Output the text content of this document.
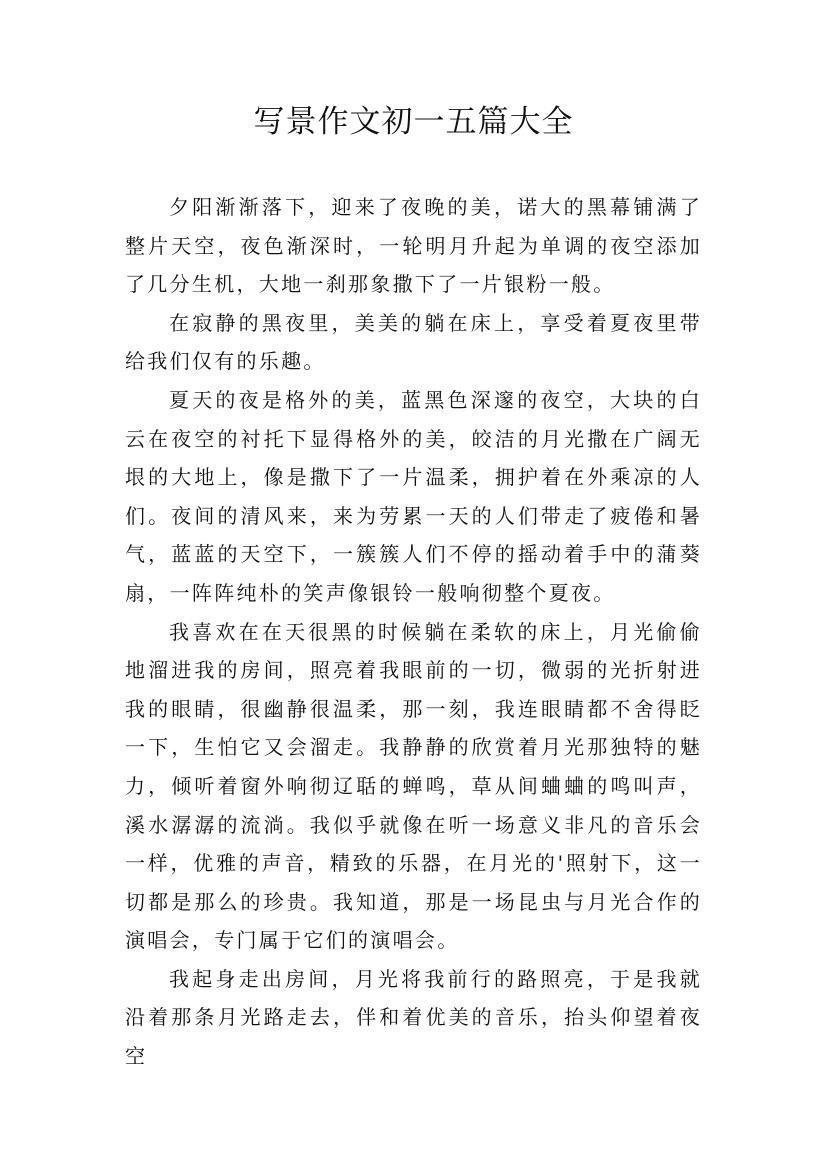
写景作文初一五篇大全

夕阳渐渐落下，迎来了夜晚的美，诺大的黑幕铺满了整片天空，夜色渐深时，一轮明月升起为单调的夜空添加了几分生机，大地一刹那象撒下了一片银粉一般。

在寂静的黑夜里，美美的躺在床上，享受着夏夜里带给我们仅有的乐趣。

夏天的夜是格外的美，蓝黑色深邃的夜空，大块的白云在夜空的衬托下显得格外的美，皎洁的月光撒在广阔无垠的大地上，像是撒下了一片温柔，拥护着在外乘凉的人们。夜间的清风来，来为劳累一天的人们带走了疲倦和暑气，蓝蓝的天空下，一簇簇人们不停的摇动着手中的蒲葵扇，一阵阵纯朴的笑声像银铃一般响彻整个夏夜。

我喜欢在在天很黑的时候躺在柔软的床上，月光偷偷地溜进我的房间，照亮着我眼前的一切，微弱的光折射进我的眼睛，很幽静很温柔，那一刻，我连眼睛都不舍得眨一下，生怕它又会溜走。我静静的欣赏着月光那独特的魅力，倾听着窗外响彻辽聒的蝉鸣，草从间蛐蛐的鸣叫声，溪水潺潺的流淌。我似乎就像在听一场意义非凡的音乐会一样，优雅的声音，精致的乐器，在月光的'照射下，这一切都是那么的珍贵。我知道，那是一场昆虫与月光合作的演唱会，专门属于它们的演唱会。

我起身走出房间，月光将我前行的路照亮，于是我就沿着那条月光路走去，伴和着优美的音乐，抬头仰望着夜空
